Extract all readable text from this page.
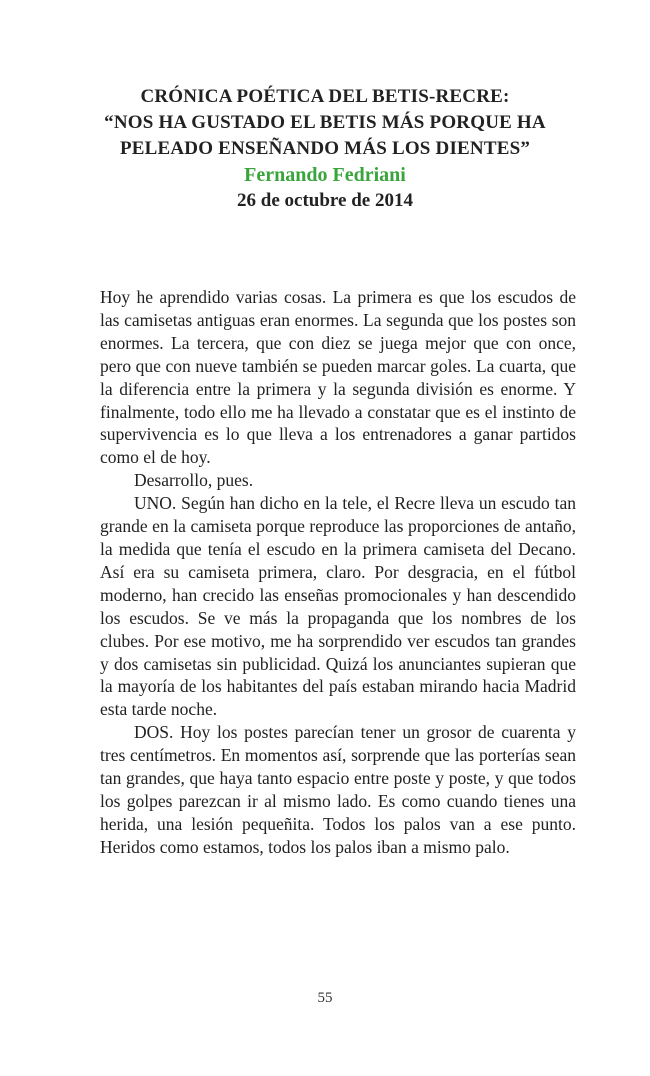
CRÓNICA POÉTICA DEL BETIS-RECRE:
“NOS HA GUSTADO EL BETIS MÁS PORQUE HA
PELEADO ENSEÑANDO MÁS LOS DIENTES”
Fernando Fedriani
26 de octubre de 2014

Hoy he aprendido varias cosas. La primera es que los escudos de las camisetas antiguas eran enormes. La segunda que los postes son enormes. La tercera, que con diez se juega mejor que con once, pero que con nueve también se pueden marcar goles. La cuarta, que la diferencia entre la primera y la segunda división es enorme. Y finalmente, todo ello me ha llevado a constatar que es el instinto de supervivencia es lo que lleva a los entrenadores a ganar partidos como el de hoy.

Desarrollo, pues.

UNO. Según han dicho en la tele, el Recre lleva un escudo tan grande en la camiseta porque reproduce las proporciones de antaño, la medida que tenía el escudo en la primera camiseta del Decano. Así era su camiseta primera, claro. Por desgracia, en el fútbol moderno, han crecido las enseñas promocionales y han descendido los escudos. Se ve más la propaganda que los nombres de los clubes. Por ese motivo, me ha sorprendido ver escudos tan grandes y dos camisetas sin publicidad. Quizá los anunciantes supieran que la mayoría de los habitantes del país estaban mirando hacia Madrid esta tarde noche.

DOS. Hoy los postes parecían tener un grosor de cuarenta y tres centímetros. En momentos así, sorprende que las porterías sean tan grandes, que haya tanto espacio entre poste y poste, y que todos los golpes parezcan ir al mismo lado. Es como cuando tienes una herida, una lesión pequeñita. Todos los palos van a ese punto. Heridos como estamos, todos los palos iban a mismo palo.

55
